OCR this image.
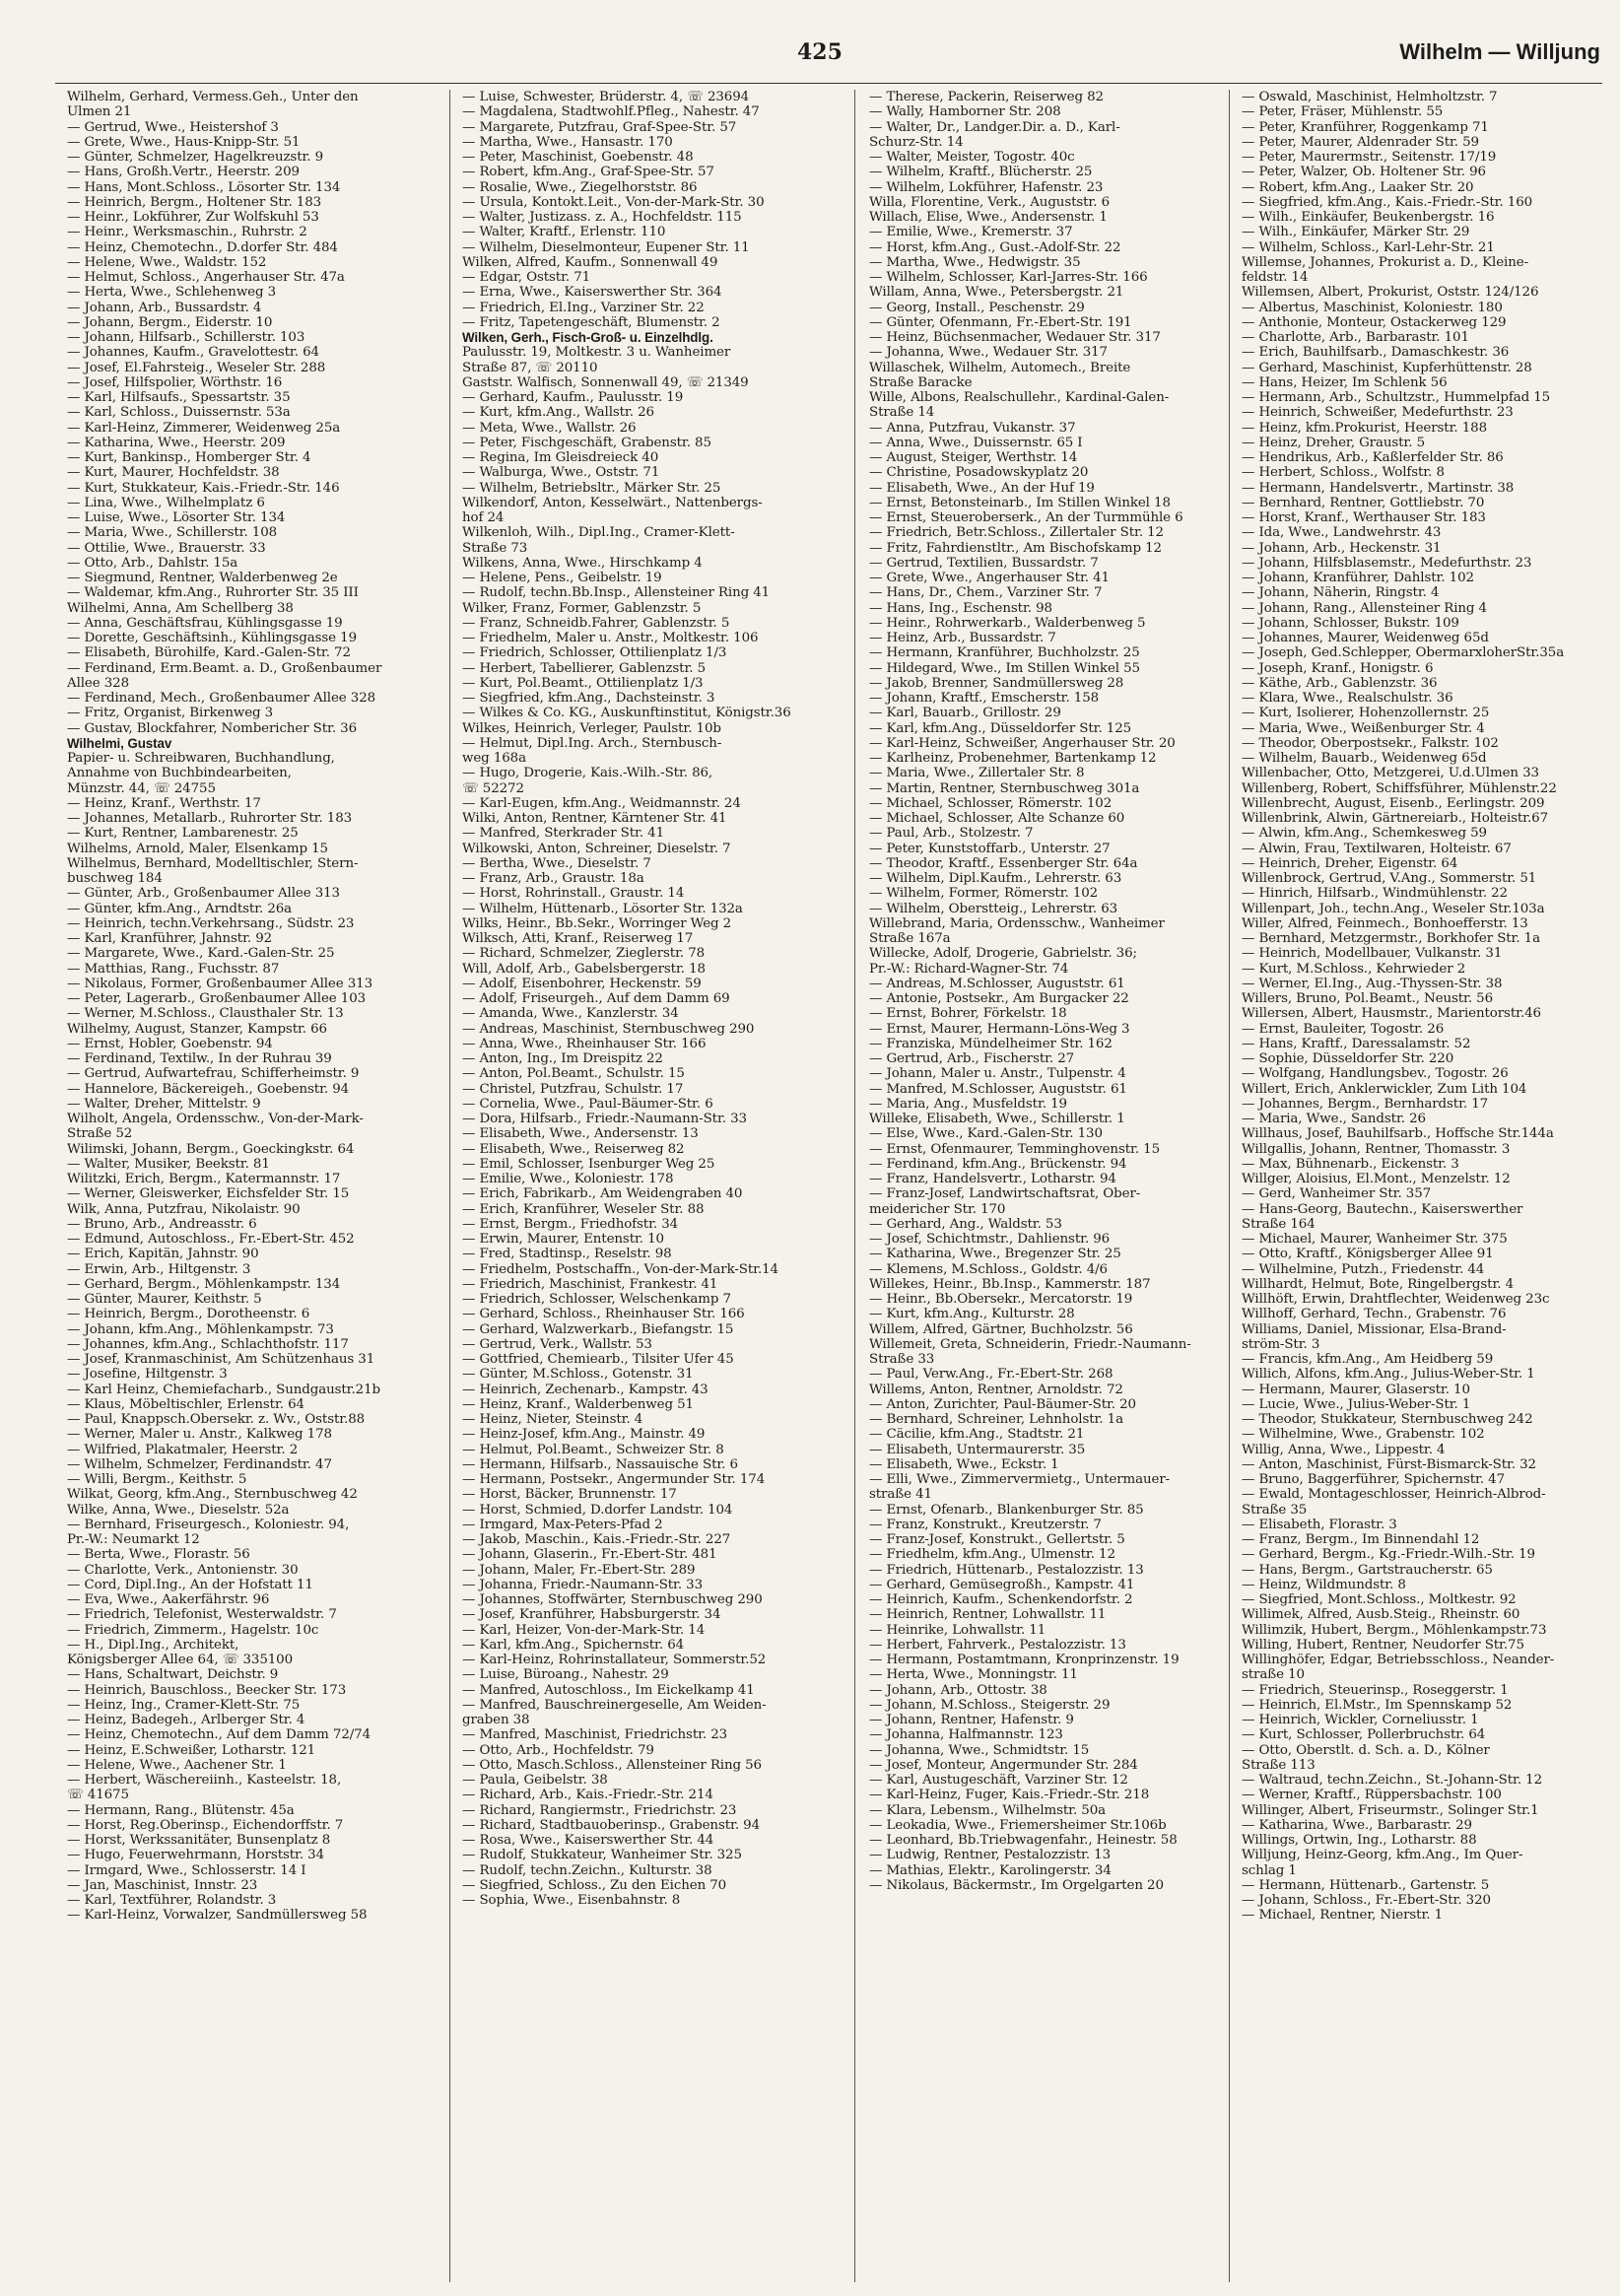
425	Wilhelm — Willjung
Wilhelm, Gerhard, Vermess.Geh., Unter den
Ulmen 21
— Gertrud, Wwe., Heistershof 3
— Grete, Wwe., Haus-Knipp-Str. 51
— Günter, Schmelzer, Hagelkreuzstr. 9
— Hans, Großh.Vertr., Heerstr. 209
— Hans, Mont.Schloss., Lösorter Str. 134
— Heinrich, Bergm., Holtener Str. 183
— Heinr., Lokführer, Zur Wolfskuhl 53
— Heinr., Werksmaschin., Ruhrstr. 2
— Heinz, Chemotechn., D.dorfer Str. 484
— Helene, Wwe., Waldstr. 152
— Helmut, Schloss., Angerhauser Str. 47a
— Herta, Wwe., Schlehenweg 3
— Johann, Arb., Bussardstr. 4
— Johann, Bergm., Eiderstr. 10
— Johann, Hilfsarb., Schillerstr. 103
— Johannes, Kaufm., Gravelottestr. 64
— Josef, El.Fahrsteig., Weseler Str. 288
— Josef, Hilfspolier, Wörthstr. 16
— Karl, Hilfsaufs., Spessartstr. 35
— Karl, Schloss., Duissernstr. 53a
— Karl-Heinz, Zimmerer, Weidenweg 25a
— Katharina, Wwe., Heerstr. 209
— Kurt, Bankinsp., Homberger Str. 4
— Kurt, Maurer, Hochfeldstr. 38
— Kurt, Stukkateur, Kais.-Friedr.-Str. 146
— Lina, Wwe., Wilhelmplatz 6
— Luise, Wwe., Lösorter Str. 134
— Maria, Wwe., Schillerstr. 108
— Ottilie, Wwe., Brauerstr. 33
— Otto, Arb., Dahlstr. 15a
— Siegmund, Rentner, Walderbenweg 2e
— Waldemar, kfm.Ang., Ruhrorter Str. 35 III
Wilhelmi, Anna, Am Schellberg 38
— Anna, Geschäftsfrau, Kühlingsgasse 19
— Dorette, Geschäftsinh., Kühlingsgasse 19
— Elisabeth, Bürohilfe, Kard.-Galen-Str. 72
— Ferdinand, Erm.Beamt. a. D., Großenbaumer
Allee 328
— Ferdinand, Mech., Großenbaumer Allee 328
— Fritz, Organist, Birkenweg 3
— Gustav, Blockfahrer, Nombericher Str. 36
Wilhelmi, Gustav
Papier- u. Schreibwaren, Buchhandlung,
Annahme von Buchbindearbeiten,
Münzstr. 44, ☏ 24755
— Heinz, Kranf., Werthstr. 17
— Johannes, Metallarb., Ruhrorter Str. 183
— Kurt, Rentner, Lambarenestr. 25
Wilhelms, Arnold, Maler, Elsenkamp 15
Wilhelmus, Bernhard, Modelltischler, Stern-
buschweg 184
— Günter, Arb., Großenbaumer Allee 313
— Günter, kfm.Ang., Arndtstr. 26a
— Heinrich, techn.Verkehrsang., Südstr. 23
— Karl, Kranführer, Jahnstr. 92
— Margarete, Wwe., Kard.-Galen-Str. 25
— Matthias, Rang., Fuchsstr. 87
— Nikolaus, Former, Großenbaumer Allee 313
— Peter, Lagerarb., Großenbaumer Allee 103
— Werner, M.Schloss., Clausthaler Str. 13
Wilhelmy, August, Stanzer, Kampstr. 66
— Ernst, Hobler, Goebenstr. 94
— Ferdinand, Textilw., In der Ruhrau 39
— Gertrud, Aufwartefrau, Schifferheimstr. 9
— Hannelore, Bäckereigeh., Goebenstr. 94
— Walter, Dreher, Mittelstr. 9
Wilholt, Angela, Ordensschw., Von-der-Mark-
Straße 52
Wilimski, Johann, Bergm., Goeckingkstr. 64
— Walter, Musiker, Beekstr. 81
Wilitzki, Erich, Bergm., Katermannstr. 17
— Werner, Gleiswerker, Eichsfelder Str. 15
Wilk, Anna, Putzfrau, Nikolaistr. 90
— Bruno, Arb., Andreasstr. 6
— Edmund, Autoschloss., Fr.-Ebert-Str. 452
— Erich, Kapitän, Jahnstr. 90
— Erwin, Arb., Hiltgenstr. 3
— Gerhard, Bergm., Möhlenkampstr. 134
— Günter, Maurer, Keithstr. 5
— Heinrich, Bergm., Dorotheenstr. 6
— Johann, kfm.Ang., Möhlenkampstr. 73
— Johannes, kfm.Ang., Schlachthofstr. 117
— Josef, Kranmaschinist, Am Schützenhaus 31
— Josefine, Hiltgenstr. 3
— Karl Heinz, Chemiefacharb., Sundgaustr.21b
— Klaus, Möbeltischler, Erlenstr. 64
— Paul, Knappsch.Obersekr. z. Wv., Oststr.88
— Werner, Maler u. Anstr., Kalkweg 178
— Wilfried, Plakatmaler, Heerstr. 2
— Wilhelm, Schmelzer, Ferdinandstr. 47
— Willi, Bergm., Keithstr. 5
Wilkat, Georg, kfm.Ang., Sternbuschweg 42
Wilke, Anna, Wwe., Dieselstr. 52a
— Bernhard, Friseurgesch., Koloniestr. 94,
Pr.-W.: Neumarkt 12
— Berta, Wwe., Florastr. 56
— Charlotte, Verk., Antonienstr. 30
— Cord, Dipl.Ing., An der Hofstatt 11
— Eva, Wwe., Aakerfährstr. 96
— Friedrich, Telefonist, Westerwaldstr. 7
— Friedrich, Zimmerm., Hagelstr. 10c
— H., Dipl.Ing., Architekt,
Königsberger Allee 64, ☏ 335100
— Hans, Schaltwart, Deichstr. 9
— Heinrich, Bauschloss., Beecker Str. 173
— Heinz, Ing., Cramer-Klett-Str. 75
— Heinz, Badegeh., Arlberger Str. 4
— Heinz, Chemotechn., Auf dem Damm 72/74
— Heinz, E.Schweißer, Lotharstr. 121
— Helene, Wwe., Aachener Str. 1
— Herbert, Wäschereiinh., Kasteelstr. 18,
☏ 41675
— Hermann, Rang., Blütenstr. 45a
— Horst, Reg.Oberinsp., Eichendorffstr. 7
— Horst, Werkssanitäter, Bunsenplatz 8
— Hugo, Feuerwehrmann, Horststr. 34
— Irmgard, Wwe., Schlosserstr. 14 I
— Jan, Maschinist, Innstr. 23
— Karl, Textführer, Rolandstr. 3
— Karl-Heinz, Vorwalzer, Sandmüllersweg 58
— Luise, Schwester, Brüderstr. 4, ☏ 23694
— Magdalena, Stadtwohlf.Pfleg., Nahestr. 47
— Margarete, Putzfrau, Graf-Spee-Str. 57
— Martha, Wwe., Hansastr. 170
— Peter, Maschinist, Goebenstr. 48
— Robert, kfm.Ang., Graf-Spee-Str. 57
— Rosalie, Wwe., Ziegelhorststr. 86
— Ursula, Kontokt.Leit., Von-der-Mark-Str. 30
— Walter, Justizass. z. A., Hochfeldstr. 115
— Walter, Kraftf., Erlenstr. 110
— Wilhelm, Dieselmonteur, Eupener Str. 11
Wilken, Alfred, Kaufm., Sonnenwall 49
— Edgar, Oststr. 71
— Erna, Wwe., Kaiserswerther Str. 364
— Friedrich, El.Ing., Varziner Str. 22
— Fritz, Tapetengeschäft, Blumenstr. 2
Wilken, Gerh., Fisch-Groß- u. Einzelhdlg.
Paulusstr. 19, Moltkestr. 3 u. Wanheimer
Straße 87, ☏ 20110
Gaststr. Walfisch, Sonnenwall 49, ☏ 21349
— Gerhard, Kaufm., Paulusstr. 19
— Kurt, kfm.Ang., Wallstr. 26
— Meta, Wwe., Wallstr. 26
— Peter, Fischgeschäft, Grabenstr. 85
— Regina, Im Gleisdreieck 40
— Walburga, Wwe., Oststr. 71
— Wilhelm, Betriebsltr., Märker Str. 25
Wilkendorf, Anton, Kesselwärt., Nattenbergs-
hof 24
Wilkenloh, Wilh., Dipl.Ing., Cramer-Klett-
Straße 73
Wilkens, Anna, Wwe., Hirschkamp 4
— Helene, Pens., Geibelstr. 19
— Rudolf, techn.Bb.Insp., Allensteiner Ring 41
Wilker, Franz, Former, Gablenzstr. 5
— Franz, Schneidb.Fahrer, Gablenzstr. 5
— Friedhelm, Maler u. Anstr., Moltkestr. 106
— Friedrich, Schlosser, Ottilienplatz 1/3
— Herbert, Tabellierer, Gablenzstr. 5
— Kurt, Pol.Beamt., Ottilienplatz 1/3
— Siegfried, kfm.Ang., Dachsteinstr. 3
— Wilkes & Co. KG., Auskunftinstitut, Königstr.36
Wilkes, Heinrich, Verleger, Paulstr. 10b
— Helmut, Dipl.Ing. Arch., Sternbusch-
weg 168a
— Hugo, Drogerie, Kais.-Wilh.-Str. 86,
☏ 52272
— Karl-Eugen, kfm.Ang., Weidmannstr. 24
Wilki, Anton, Rentner, Kärntener Str. 41
— Manfred, Sterkrader Str. 41
Wilkowski, Anton, Schreiner, Dieselstr. 7
— Bertha, Wwe., Dieselstr. 7
— Franz, Arb., Graustr. 18a
— Horst, Rohrinstall., Graustr. 14
— Wilhelm, Hüttenarb., Lösorter Str. 132a
Wilks, Heinr., Bb.Sekr., Worringer Weg 2
Wilksch, Atti, Kranf., Reiserweg 17
— Richard, Schmelzer, Zieglerstr. 78
Will, Adolf, Arb., Gabelsbergerstr. 18
— Adolf, Eisenbohrer, Heckenstr. 59
— Adolf, Friseurgeh., Auf dem Damm 69
— Amanda, Wwe., Kanzlerstr. 34
— Andreas, Maschinist, Sternbuschweg 290
— Anna, Wwe., Rheinhauser Str. 166
— Anton, Ing., Im Dreispitz 22
— Anton, Pol.Beamt., Schulstr. 15
— Christel, Putzfrau, Schulstr. 17
— Cornelia, Wwe., Paul-Bäumer-Str. 6
— Dora, Hilfsarb., Friedr.-Naumann-Str. 33
— Elisabeth, Wwe., Andersenstr. 13
— Elisabeth, Wwe., Reiserweg 82
— Emil, Schlosser, Isenburger Weg 25
— Emilie, Wwe., Koloniestr. 178
— Erich, Fabrikarb., Am Weidengraben 40
— Erich, Kranführer, Weseler Str. 88
— Ernst, Bergm., Friedhofstr. 34
— Erwin, Maurer, Entenstr. 10
— Fred, Stadtinsp., Reselstr. 98
— Friedhelm, Postschaffn., Von-der-Mark-Str.14
— Friedrich, Maschinist, Frankestr. 41
— Friedrich, Schlosser, Welschenkamp 7
— Gerhard, Schloss., Rheinhauser Str. 166
— Gerhard, Walzwerkarb., Biefangstr. 15
— Gertrud, Verk., Wallstr. 53
— Gottfried, Chemiearb., Tilsiter Ufer 45
— Günter, M.Schloss., Gotenstr. 31
— Heinrich, Zechenarb., Kampstr. 43
— Heinz, Kranf., Walderbenweg 51
— Heinz, Nieter, Steinstr. 4
— Heinz-Josef, kfm.Ang., Mainstr. 49
— Helmut, Pol.Beamt., Schweizer Str. 8
— Hermann, Hilfsarb., Nassauische Str. 6
— Hermann, Postsekr., Angermunder Str. 174
— Horst, Bäcker, Brunnenstr. 17
— Horst, Schmied, D.dorfer Landstr. 104
— Irmgard, Max-Peters-Pfad 2
— Jakob, Maschin., Kais.-Friedr.-Str. 227
— Johann, Glaserin., Fr.-Ebert-Str. 481
— Johann, Maler, Fr.-Ebert-Str. 289
— Johanna, Friedr.-Naumann-Str. 33
— Johannes, Stoffwärter, Sternbuschweg 290
— Josef, Kranführer, Habsburgerstr. 34
— Karl, Heizer, Von-der-Mark-Str. 14
— Karl, kfm.Ang., Spichernstr. 64
— Karl-Heinz, Rohrinstallateur, Sommerstr.52
— Luise, Büroang., Nahestr. 29
— Manfred, Autoschloss., Im Eickelkamp 41
— Manfred, Bauschreinergeselle, Am Weiden-
graben 38
— Manfred, Maschinist, Friedrichstr. 23
— Otto, Arb., Hochfeldstr. 79
— Otto, Masch.Schloss., Allensteiner Ring 56
— Paula, Geibelstr. 38
— Richard, Arb., Kais.-Friedr.-Str. 214
— Richard, Rangiermstr., Friedrichstr. 23
— Richard, Stadtbauoberinsp., Grabenstr. 94
— Rosa, Wwe., Kaiserswerther Str. 44
— Rudolf, Stukkateur, Wanheimer Str. 325
— Rudolf, techn.Zeichn., Kulturstr. 38
— Siegfried, Schloss., Zu den Eichen 70
— Sophia, Wwe., Eisenbahnstr. 8
— Therese, Packerin, Reiserweg 82
— Wally, Hamborner Str. 208
— Walter, Dr., Landger.Dir. a. D., Karl-
Schurz-Str. 14
— Walter, Meister, Togostr. 40c
— Wilhelm, Kraftf., Blücherstr. 25
— Wilhelm, Lokführer, Hafenstr. 23
Willa, Florentine, Verk., Auguststr. 6
Willach, Elise, Wwe., Andersenstr. 1
— Emilie, Wwe., Kremerstr. 37
— Horst, kfm.Ang., Gust.-Adolf-Str. 22
— Martha, Wwe., Hedwigstr. 35
— Wilhelm, Schlosser, Karl-Jarres-Str. 166
Willam, Anna, Wwe., Petersbergstr. 21
— Georg, Install., Peschenstr. 29
— Günter, Ofenmann, Fr.-Ebert-Str. 191
— Heinz, Büchsenmacher, Wedauer Str. 317
— Johanna, Wwe., Wedauer Str. 317
Willaschek, Wilhelm, Automech., Breite
Straße Baracke
Wille, Albons, Realschullehr., Kardinal-Galen-
Straße 14
— Anna, Putzfrau, Vukanstr. 37
— Anna, Wwe., Duissernstr. 65 I
— August, Steiger, Werthstr. 14
— Christine, Posadowskyplatz 20
— Elisabeth, Wwe., An der Huf 19
— Ernst, Betonsteinarb., Im Stillen Winkel 18
— Ernst, Steueroberserk., An der Turmmühle 6
— Friedrich, Betr.Schloss., Zillertaler Str. 12
— Fritz, Fahrdienstltr., Am Bischofskamp 12
— Gertrud, Textilien, Bussardstr. 7
— Grete, Wwe., Angerhauser Str. 41
— Hans, Dr., Chem., Varziner Str. 7
— Hans, Ing., Eschenstr. 98
— Heinr., Rohrwerkarb., Walderbenweg 5
— Heinz, Arb., Bussardstr. 7
— Hermann, Kranführer, Buchholzstr. 25
— Hildegard, Wwe., Im Stillen Winkel 55
— Jakob, Brenner, Sandmüllersweg 28
— Johann, Kraftf., Emscherstr. 158
— Karl, Bauarb., Grillostr. 29
— Karl, kfm.Ang., Düsseldorfer Str. 125
— Karl-Heinz, Schweißer, Angerhauser Str. 20
— Karlheinz, Probenehmer, Bartenkamp 12
— Maria, Wwe., Zillertaler Str. 8
— Martin, Rentner, Sternbuschweg 301a
— Michael, Schlosser, Römerstr. 102
— Michael, Schlosser, Alte Schanze 60
— Paul, Arb., Stolzestr. 7
— Peter, Kunststoffarb., Unterstr. 27
— Theodor, Kraftf., Essenberger Str. 64a
— Wilhelm, Dipl.Kaufm., Lehrerstr. 63
— Wilhelm, Former, Römerstr. 102
— Wilhelm, Oberstteig., Lehrerstr. 63
Willebrand, Maria, Ordensschw., Wanheimer
Straße 167a
Willecke, Adolf, Drogerie, Gabrielstr. 36;
Pr.-W.: Richard-Wagner-Str. 74
— Andreas, M.Schlosser, Auguststr. 61
— Antonie, Postsekr., Am Burgacker 22
— Ernst, Bohrer, Förkelstr. 18
— Ernst, Maurer, Hermann-Löns-Weg 3
— Franziska, Mündelheimer Str. 162
— Gertrud, Arb., Fischerstr. 27
— Johann, Maler u. Anstr., Tulpenstr. 4
— Manfred, M.Schlosser, Auguststr. 61
— Maria, Ang., Musfeldstr. 19
Willeke, Elisabeth, Wwe., Schillerstr. 1
— Else, Wwe., Kard.-Galen-Str. 130
— Ernst, Ofenmaurer, Temminghovenstr. 15
— Ferdinand, kfm.Ang., Brückenstr. 94
— Franz, Handelsvertr., Lotharstr. 94
— Franz-Josef, Landwirtschaftsrat, Ober-
meidericher Str. 170
— Gerhard, Ang., Waldstr. 53
— Josef, Schichtmstr., Dahlienstr. 96
— Katharina, Wwe., Bregenzer Str. 25
— Klemens, M.Schloss., Goldstr. 4/6
Willekes, Heinr., Bb.Insp., Kammerstr. 187
— Heinr., Bb.Obersekr., Mercatorstr. 19
— Kurt, kfm.Ang., Kulturstr. 28
Willem, Alfred, Gärtner, Buchholzstr. 56
Willemeit, Greta, Schneiderin, Friedr.-Naumann-
Straße 33
— Paul, Verw.Ang., Fr.-Ebert-Str. 268
Willems, Anton, Rentner, Arnoldstr. 72
— Anton, Zurichter, Paul-Bäumer-Str. 20
— Bernhard, Schreiner, Lehnholstr. 1a
— Cäcilie, kfm.Ang., Stadtstr. 21
— Elisabeth, Untermaurerstr. 35
— Elisabeth, Wwe., Eckstr. 1
— Elli, Wwe., Zimmervermietg., Untermauer-
straße 41
— Ernst, Ofenarb., Blankenburger Str. 85
— Franz, Konstrukt., Kreutzerstr. 7
— Franz-Josef, Konstrukt., Gellertstr. 5
— Friedhelm, kfm.Ang., Ulmenstr. 12
— Friedrich, Hüttenarb., Pestalozzistr. 13
— Gerhard, Gemüsegroßh., Kampstr. 41
— Heinrich, Kaufm., Schenkendorfstr. 2
— Heinrich, Rentner, Lohwallstr. 11
— Heinrike, Lohwallstr. 11
— Herbert, Fahrverk., Pestalozzistr. 13
— Hermann, Postamtmann, Kronprinzenstr. 19
— Herta, Wwe., Monningstr. 11
— Johann, Arb., Ottostr. 38
— Johann, M.Schloss., Steigerstr. 29
— Johann, Rentner, Hafenstr. 9
— Johanna, Halfmannstr. 123
— Johanna, Wwe., Schmidtstr. 15
— Josef, Monteur, Angermunder Str. 284
— Karl, Austugeschäft, Varziner Str. 12
— Karl-Heinz, Fuger, Kais.-Friedr.-Str. 218
— Klara, Lebensm., Wilhelmstr. 50a
— Leokadia, Wwe., Friemersheimer Str.106b
— Leonhard, Bb.Triebwagenfahr., Heinestr. 58
— Ludwig, Rentner, Pestalozzistr. 13
— Mathias, Elektr., Karolingerstr. 34
— Nikolaus, Bäckermstr., Im Orgelgarten 20
— Oswald, Maschinist, Helmholtzstr. 7
— Peter, Fräser, Mühlenstr. 55
— Peter, Kranführer, Roggenkamp 71
— Peter, Maurer, Aldenrader Str. 59
— Peter, Maurermstr., Seitenstr. 17/19
— Peter, Walzer, Ob. Holtener Str. 96
— Robert, kfm.Ang., Laaker Str. 20
— Siegfried, kfm.Ang., Kais.-Friedr.-Str. 160
— Wilh., Einkäufer, Beukenbergstr. 16
— Wilh., Einkäufer, Märker Str. 29
— Wilhelm, Schloss., Karl-Lehr-Str. 21
Willemse, Johannes, Prokurist a. D., Kleine-
feldstr. 14
Willemsen, Albert, Prokurist, Oststr. 124/126
— Albertus, Maschinist, Koloniestr. 180
— Anthonie, Monteur, Ostackerweg 129
— Charlotte, Arb., Barbarastr. 101
— Erich, Bauhilfsarb., Damaschkestr. 36
— Gerhard, Maschinist, Kupferhüttenstr. 28
— Hans, Heizer, Im Schlenk 56
— Hermann, Arb., Schultzstr., Hummelpfad 15
— Heinrich, Schweißer, Medefurthstr. 23
— Heinz, kfm.Prokurist, Heerstr. 188
— Heinz, Dreher, Graustr. 5
— Hendrikus, Arb., Kaßlerfelder Str. 86
— Herbert, Schloss., Wolfstr. 8
— Hermann, Handelsvertr., Martinstr. 38
— Bernhard, Rentner, Gottliebstr. 70
— Horst, Kranf., Werthauser Str. 183
— Ida, Wwe., Landwehrstr. 43
— Johann, Arb., Heckenstr. 31
— Johann, Hilfsblasemstr., Medefurthstr. 23
— Johann, Kranführer, Dahlstr. 102
— Johann, Näherin, Ringstr. 4
— Johann, Rang., Allensteiner Ring 4
— Johann, Schlosser, Bukstr. 109
— Johannes, Maurer, Weidenweg 65d
— Joseph, Ged.Schlepper, ObermarxloherStr.35a
— Joseph, Kranf., Honigstr. 6
— Käthe, Arb., Gablenzstr. 36
— Klara, Wwe., Realschulstr. 36
— Kurt, Isolierer, Hohenzollernstr. 25
— Maria, Wwe., Weißenburger Str. 4
— Theodor, Oberpostsekr., Falkstr. 102
— Wilhelm, Bauarb., Weidenweg 65d
Willenbacher, Otto, Metzgerei, U.d.Ulmen 33
Willenberg, Robert, Schiffsführer, Mühlenstr.22
Willenbrecht, August, Eisenb., Eerlingstr. 209
Willenbrink, Alwin, Gärtnereiarb., Holteistr.67
— Alwin, kfm.Ang., Schemkesweg 59
— Alwin, Frau, Textilwaren, Holteistr. 67
— Heinrich, Dreher, Eigenstr. 64
Willenbrock, Gertrud, V.Ang., Sommerstr. 51
— Hinrich, Hilfsarb., Windmühlenstr. 22
Willenpart, Joh., techn.Ang., Weseler Str.103a
Willer, Alfred, Feinmech., Bonhoefferstr. 13
— Bernhard, Metzgermstr., Borkhofer Str. 1a
— Heinrich, Modellbauer, Vulkanstr. 31
— Kurt, M.Schloss., Kehrwieder 2
— Werner, El.Ing., Aug.-Thyssen-Str. 38
Willers, Bruno, Pol.Beamt., Neustr. 56
Willersen, Albert, Hausmstr., Marientorstr.46
— Ernst, Bauleiter, Togostr. 26
— Hans, Kraftf., Daressalamstr. 52
— Sophie, Düsseldorfer Str. 220
— Wolfgang, Handlungsbev., Togostr. 26
Willert, Erich, Anklerwickler, Zum Lith 104
— Johannes, Bergm., Bernhardstr. 17
— Maria, Wwe., Sandstr. 26
Willhaus, Josef, Bauhilfsarb., Hoffsche Str.144a
Willgallis, Johann, Rentner, Thomasstr. 3
— Max, Bühnenarb., Eickenstr. 3
Willger, Aloisius, El.Mont., Menzelstr. 12
— Gerd, Wanheimer Str. 357
— Hans-Georg, Bautechn., Kaiserswerther
Straße 164
— Michael, Maurer, Wanheimer Str. 375
— Otto, Kraftf., Königsberger Allee 91
— Wilhelmine, Putzh., Friedenstr. 44
Willhardt, Helmut, Bote, Ringelbergstr. 4
Willhöft, Erwin, Drahtflechter, Weidenweg 23c
Willhoff, Gerhard, Techn., Grabenstr. 76
Williams, Daniel, Missionar, Elsa-Brand-
ström-Str. 3
— Francis, kfm.Ang., Am Heidberg 59
Willich, Alfons, kfm.Ang., Julius-Weber-Str. 1
— Hermann, Maurer, Glaserstr. 10
— Lucie, Wwe., Julius-Weber-Str. 1
— Theodor, Stukkateur, Sternbuschweg 242
— Wilhelmine, Wwe., Grabenstr. 102
Willig, Anna, Wwe., Lippestr. 4
— Anton, Maschinist, Fürst-Bismarck-Str. 32
— Bruno, Baggerführer, Spichernstr. 47
— Ewald, Montageschlosser, Heinrich-Albrod-
Straße 35
— Elisabeth, Florastr. 3
— Franz, Bergm., Im Binnendahl 12
— Gerhard, Bergm., Kg.-Friedr.-Wilh.-Str. 19
— Hans, Bergm., Gartstraucherstr. 65
— Heinz, Wildmundstr. 8
— Siegfried, Mont.Schloss., Moltkestr. 92
Willimek, Alfred, Ausb.Steig., Rheinstr. 60
Willimzik, Hubert, Bergm., Möhlenkampstr.73
Willing, Hubert, Rentner, Neudorfer Str.75
Willinghöfer, Edgar, Betriebsschloss., Neander-
straße 10
— Friedrich, Steuerinsp., Roseggerstr. 1
— Heinrich, El.Mstr., Im Spennskamp 52
— Heinrich, Wickler, Corneliusstr. 1
— Kurt, Schlosser, Pollerbruchstr. 64
— Otto, Oberstlt. d. Sch. a. D., Kölner
Straße 113
— Waltraud, techn.Zeichn., St.-Johann-Str. 12
— Werner, Kraftf., Rüppersbachstr. 100
Willinger, Albert, Friseurmstr., Solinger Str.1
— Katharina, Wwe., Barbarastr. 29
Willings, Ortwin, Ing., Lotharstr. 88
Willjung, Heinz-Georg, kfm.Ang., Im Quer-
schlag 1
— Hermann, Hüttenarb., Gartenstr. 5
— Johann, Schloss., Fr.-Ebert-Str. 320
— Michael, Rentner, Nierstr. 1
